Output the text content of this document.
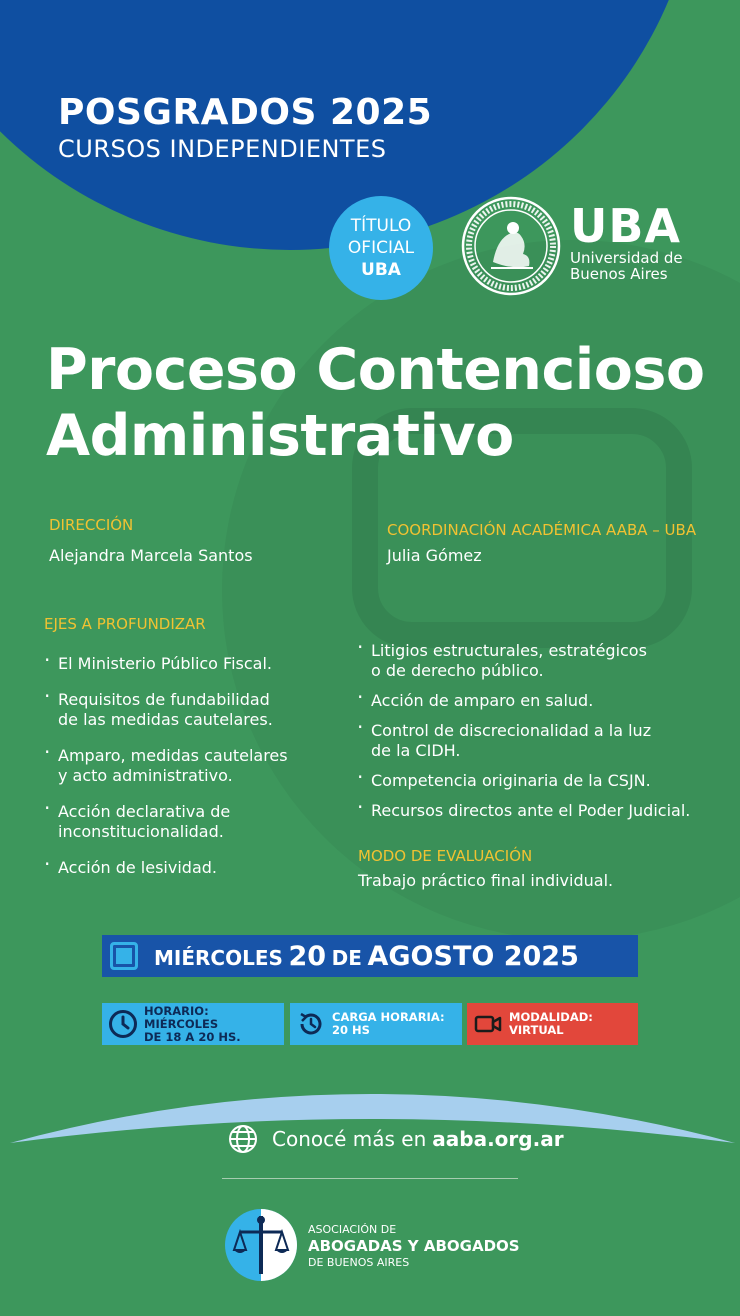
POSGRADOS 2025
CURSOS INDEPENDIENTES
TÍTULO
OFICIAL
UBA
UBA
Universidad de
Buenos Aires
Proceso Contencioso
Administrativo
DIRECCIÓN
Alejandra Marcela Santos
COORDINACIÓN ACADÉMICA AABA – UBA
Julia Gómez
EJES A PROFUNDIZAR
· El Ministerio Público Fiscal.
· Requisitos de fundabilidad
de las medidas cautelares.
· Amparo, medidas cautelares
y acto administrativo.
· Acción declarativa de
inconstitucionalidad.
· Acción de lesividad.
· Litigios estructurales, estratégicos
o de derecho público.
· Acción de amparo en salud.
· Control de discrecionalidad a la luz
de la CIDH.
· Competencia originaria de la CSJN.
· Recursos directos ante el Poder Judicial.
MODO DE EVALUACIÓN
Trabajo práctico final individual.
MIÉRCOLES 20 DE AGOSTO 2025
HORARIO: MIÉRCOLES
DE 18 A 20 HS.
CARGA HORARIA:
20 HS
MODALIDAD:
VIRTUAL
Conocé más en aaba.org.ar
ASOCIACIÓN DE
ABOGADAS Y ABOGADOS
DE BUENOS AIRES
